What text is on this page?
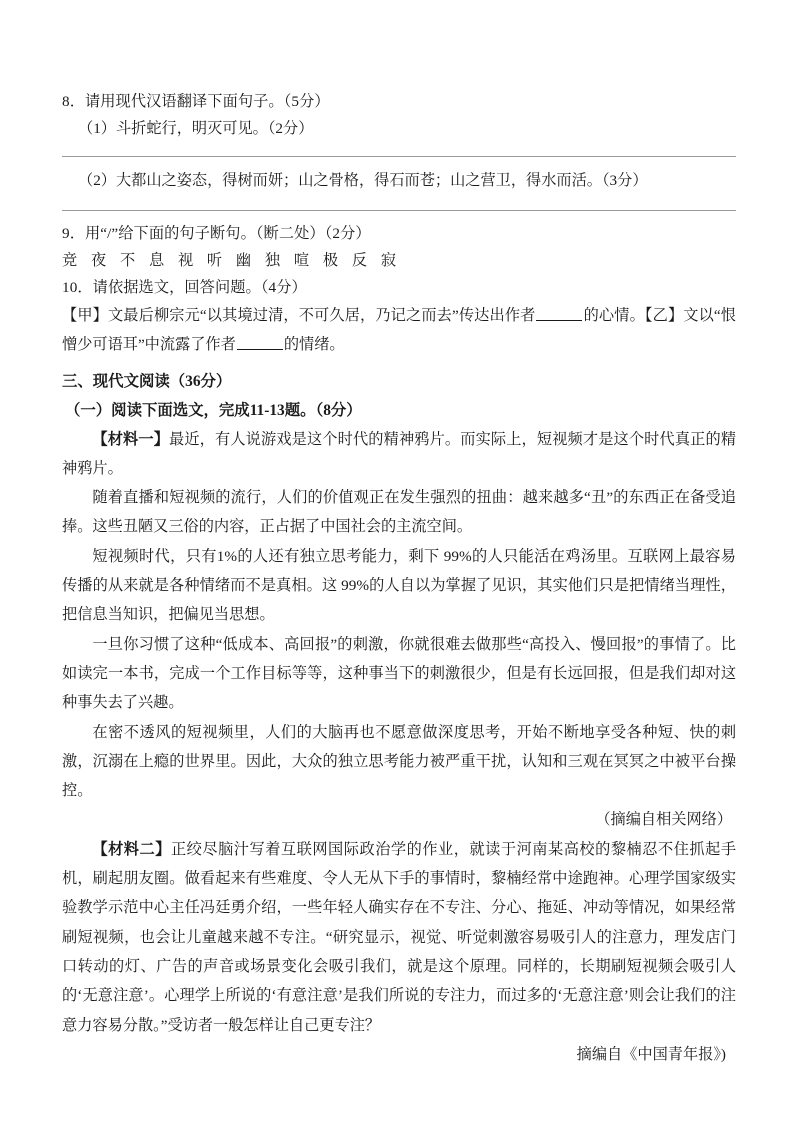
8．请用现代汉语翻译下面句子。（5分）

（1）斗折蛇行，明灭可见。（2分）

（2）大都山之姿态，得树而妍；山之骨格，得石而苍；山之营卫，得水而活。（3分）

9．用“/”给下面的句子断句。（断二处）（2分）

竞 夜 不 息 视 听 幽 独 喧 极 反 寂

10．请依据选文，回答问题。（4分）

【甲】文最后柳宗元“以其境过清，不可久居，乃记之而去”传达出作者	的心情。【乙】文以“恨憎少可语耳”中流露了作者	的情绪。

三、现代文阅读（36分）

（一）阅读下面选文，完成11-13题。（8分）

【材料一】最近，有人说游戏是这个时代的精神鸦片。而实际上，短视频才是这个时代真正的精神鸦片。

随着直播和短视频的流行，人们的价值观正在发生强烈的扭曲：越来越多“丑”的东西正在备受追捧。这些丑陋又三俗的内容，正占据了中国社会的主流空间。

短视频时代，只有1%的人还有独立思考能力，剩下 99%的人只能活在鸡汤里。互联网上最容易传播的从来就是各种情绪而不是真相。这 99%的人自以为掌握了见识，其实他们只是把情绪当理性，把信息当知识，把偏见当思想。

一旦你习惯了这种“低成本、高回报”的刺激，你就很难去做那些“高投入、慢回报”的事情了。比如读完一本书，完成一个工作目标等等，这种事当下的刺激很少，但是有长远回报，但是我们却对这种事失去了兴趣。

在密不透风的短视频里，人们的大脑再也不愿意做深度思考，开始不断地享受各种短、快的刺激，沉溺在上瘾的世界里。因此，大众的独立思考能力被严重干扰，认知和三观在冥冥之中被平台操控。

（摘编自相关网络）

【材料二】正绞尽脑汁写着互联网国际政治学的作业，就读于河南某高校的黎楠忍不住抓起手机，刷起朋友圈。做看起来有些难度、令人无从下手的事情时，黎楠经常中途跑神。心理学国家级实验教学示范中心主任冯廷勇介绍，一些年轻人确实存在不专注、分心、拖延、冲动等情况，如果经常刷短视频，也会让儿童越来越不专注。“研究显示，视觉、听觉刺激容易吸引人的注意力，理发店门口转动的灯、广告的声音或场景变化会吸引我们，就是这个原理。同样的，长期刷短视频会吸引人的‘无意注意’。心理学上所说的‘有意注意’是我们所说的专注力，而过多的‘无意注意’则会让我们的注意力容易分散。”受访者一般怎样让自己更专注？

摘编自《中国青年报》)
